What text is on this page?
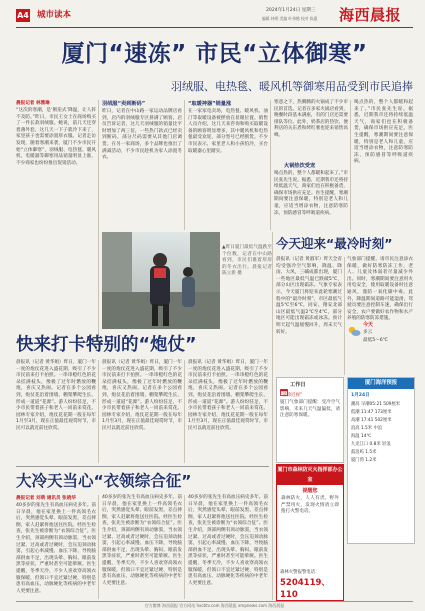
A4 城市读本	2024年1月24日 星期三
编辑 林明 美编 叶伟樵 校对 陈惠 海西晨报
厦门“速冻” 市民“立体御寒”
羽绒服、电热毯、暖风机等御寒用品受到市民追捧
晨报记者 林雅琳
“这次的寒潮，是‘断崖式’降温，让人猝不及防。”昨日，市民王女士在商场购买了一件长款羽绒服。她说，前几天还穿着薄外套，这几天一下子就冷下来了，家里孩子也需要添置厚衣服。记者走访发现，随着寒潮来袭，厦门不少市民开始“立体御寒”，羽绒服、电热毯、暖风机、电暖器等御寒用品销量明显上涨，不少商家也纷纷推出促销活动。
羽绒服“卖到断码”
昨日，记者在中山路一家运动品牌店看到，店内的羽绒服专区挤满了顾客。店员告诉记者，这几天羽绒服的销量比平时增加了两三倍，一些热门款式已经卖到断码，部分尺码需要从其他门店调货。在另一家商场，多个品牌也推出了满减活动，不少市民趁机为家人添置冬衣。
“取暖神器”销量涨
在一家家电卖场，电热毯、暖风机、油汀等取暖设备被摆放在显眼位置。销售人员介绍，这几天来咨询和购买取暖设备的顾客明显增多，其中暖风机和电热毯最受欢迎，部分型号已经断货。不少市民表示，家里老人和小孩怕冷，买台取暖器心里踏实。
寒意之下，热腾腾的火锅成了不少市民的首选。记者在多家火锅店看到，晚餐时段基本满座，有的门店还需要排队等位。此外，奶茶店的热饮、便利店的关东煮和烤红薯也迎来销售高峰。
火锅热饮受宠
喝点热的，整个人都暖和起来了。”市民张先生说。据悉，近期我市还将持续低温天气，商家们也在积极备货，确保市场供应充足。医生提醒，寒潮期间要注意保暖，特别是老人和儿童，应适当增添衣物，注意防寒防冻，预防感冒等呼吸道疾病。
喝点热的，整个人都暖和起来了。”市民张先生说。据悉，近期我市还将持续低温天气，商家们也在积极备货，确保市场供应充足。医生提醒，寒潮期间要注意保暖，特别是老人和儿童，应适当增添衣物，注意防寒防冻，预防感冒等呼吸道疾病。
▲昨日厦门最低气温跌至个位数，记者在中山路看到，市民们裹着厚厚的冬衣出行。晨报记者 陈立新 摄
快来打卡特别的“炮仗”
晨报讯（记者 黄华娟）昨日，厦门一年一度的炮仗花进入盛花期，吸引了不少市民前来打卡拍照。一串串橙红色的花朵挂满枝头，像极了过年时燃放的鞭炮，喜庆又热闹。记者在多个公园看到，炮仗花沿着围墙、棚架攀爬生长，形成一道道“花瀑”。游人纷纷驻足，不少市民带着孩子和老人一同前来赏花。园林专家介绍，炮仗花花期一般在每年1月至3月，现在正值最佳观赏时节，市民可以就近前往欣赏。
晨报讯（记者 黄华娟）昨日，厦门一年一度的炮仗花进入盛花期，吸引了不少市民前来打卡拍照。一串串橙红色的花朵挂满枝头，像极了过年时燃放的鞭炮，喜庆又热闹。记者在多个公园看到，炮仗花沿着围墙、棚架攀爬生长，形成一道道“花瀑”。游人纷纷驻足，不少市民带着孩子和老人一同前来赏花。园林专家介绍，炮仗花花期一般在每年1月至3月，现在正值最佳观赏时节，市民可以就近前往欣赏。
晨报讯（记者 黄华娟）昨日，厦门一年一度的炮仗花进入盛花期，吸引了不少市民前来打卡拍照。一串串橙红色的花朵挂满枝头，像极了过年时燃放的鞭炮，喜庆又热闹。记者在多个公园看到，炮仗花沿着围墙、棚架攀爬生长，形成一道道“花瀑”。游人纷纷驻足，不少市民带着孩子和老人一同前来赏花。园林专家介绍，炮仗花花期一般在每年1月至3月，现在正值最佳观赏时节，市民可以就近前往欣赏。
大冷天当心“衣领综合征”
晨报记者 刘萌 通讯员 张晓华
40多岁的张先生有高血压病史多年。前日早晨，他在家里换上一件高领毛衣后，突然感觉头晕、眼前发黑，差点摔倒，家人赶紧将他送往医院。经医生检查，张先生被诊断为“衣领综合征”。医生介绍，颈部两侧有颈动脉窦，当衣领过紧、过高或者过硬时，会压迫颈动脉窦，引起心率减慢、血压下降，导致脑部供血不足，出现头晕、胸闷、眼前发黑等症状，严重时甚至可能晕厥。医生提醒，冬季天冷，不少人喜欢穿高领衣服保暖，但领口不宜过紧过硬，特别是患有高血压、动脉硬化等疾病的中老年人更要注意。
40多岁的张先生有高血压病史多年。前日早晨，他在家里换上一件高领毛衣后，突然感觉头晕、眼前发黑，差点摔倒，家人赶紧将他送往医院。经医生检查，张先生被诊断为“衣领综合征”。医生介绍，颈部两侧有颈动脉窦，当衣领过紧、过高或者过硬时，会压迫颈动脉窦，引起心率减慢、血压下降，导致脑部供血不足，出现头晕、胸闷、眼前发黑等症状，严重时甚至可能晕厥。医生提醒，冬季天冷，不少人喜欢穿高领衣服保暖，但领口不宜过紧过硬，特别是患有高血压、动脉硬化等疾病的中老年人更要注意。
40多岁的张先生有高血压病史多年。前日早晨，他在家里换上一件高领毛衣后，突然感觉头晕、眼前发黑，差点摔倒，家人赶紧将他送往医院。经医生检查，张先生被诊断为“衣领综合征”。医生介绍，颈部两侧有颈动脉窦，当衣领过紧、过高或者过硬时，会压迫颈动脉窦，引起心率减慢、血压下降，导致脑部供血不足，出现头晕、胸闷、眼前发黑等症状，严重时甚至可能晕厥。医生提醒，冬季天冷，不少人喜欢穿高领衣服保暖，但领口不宜过紧过硬，特别是患有高血压、动脉硬化等疾病的中老年人更要注意。
今天迎来“最冷时刻”
晨报讯（记者 黄淑军）昨天全省均受强冷空气影响，降温、降雨、大风，三碱成都出现，厦门一些地区最低气温已跌破5℃，部分山区出现霜冻。气象专家表示，今天厦门将迎来此轮寒潮过程中的“最冷时刻”，市区最低气温5℃至6℃，同安、翔安北部山区最低气温2℃至4℃，部分地区可能出现霜冻或冰冻。预计明天起气温缓慢回升，周末天气转好。
气象部门提醒，请市民注意添衣保暖，做好防寒防冻工作，老人、儿童及体弱者尽量减少外出。同时，寒潮期间要注意用火用电安全，使用取暖设备时注意通风，谨防一氧化碳中毒。此外，降温期间道路可能湿滑，驾驶员要注意控制车速，确保出行安全。农户要做好农作物和水产养殖的防寒防冻措施。
今天
多云
最低5～6℃
工作日
“消除近视”
厦门气象部门提醒：受冷空气影响，未来几天气温偏低，请注意防寒保暖。
厦门海洋预报
1月24日
潮高 早潮05:21 509厘米
低潮 11:47 173厘米
高潮 17:41 502厘米
浪高 1.5米 中浪
海温 14℃
九龙江口 0.8米 轻浪
鼓浪屿 1.5米
厦门湾 1.2米
厦门市森林防灭火指挥部办公室
提醒您
森林防火，人人有责。野外严禁用火，发现火情请立即拨打火警电话。
森林火警报警电话：
5204119、110
官方微博 海西晨报 官方网站 hxcbtv.com 海西晨报 xmpnews.com 海西晨报
